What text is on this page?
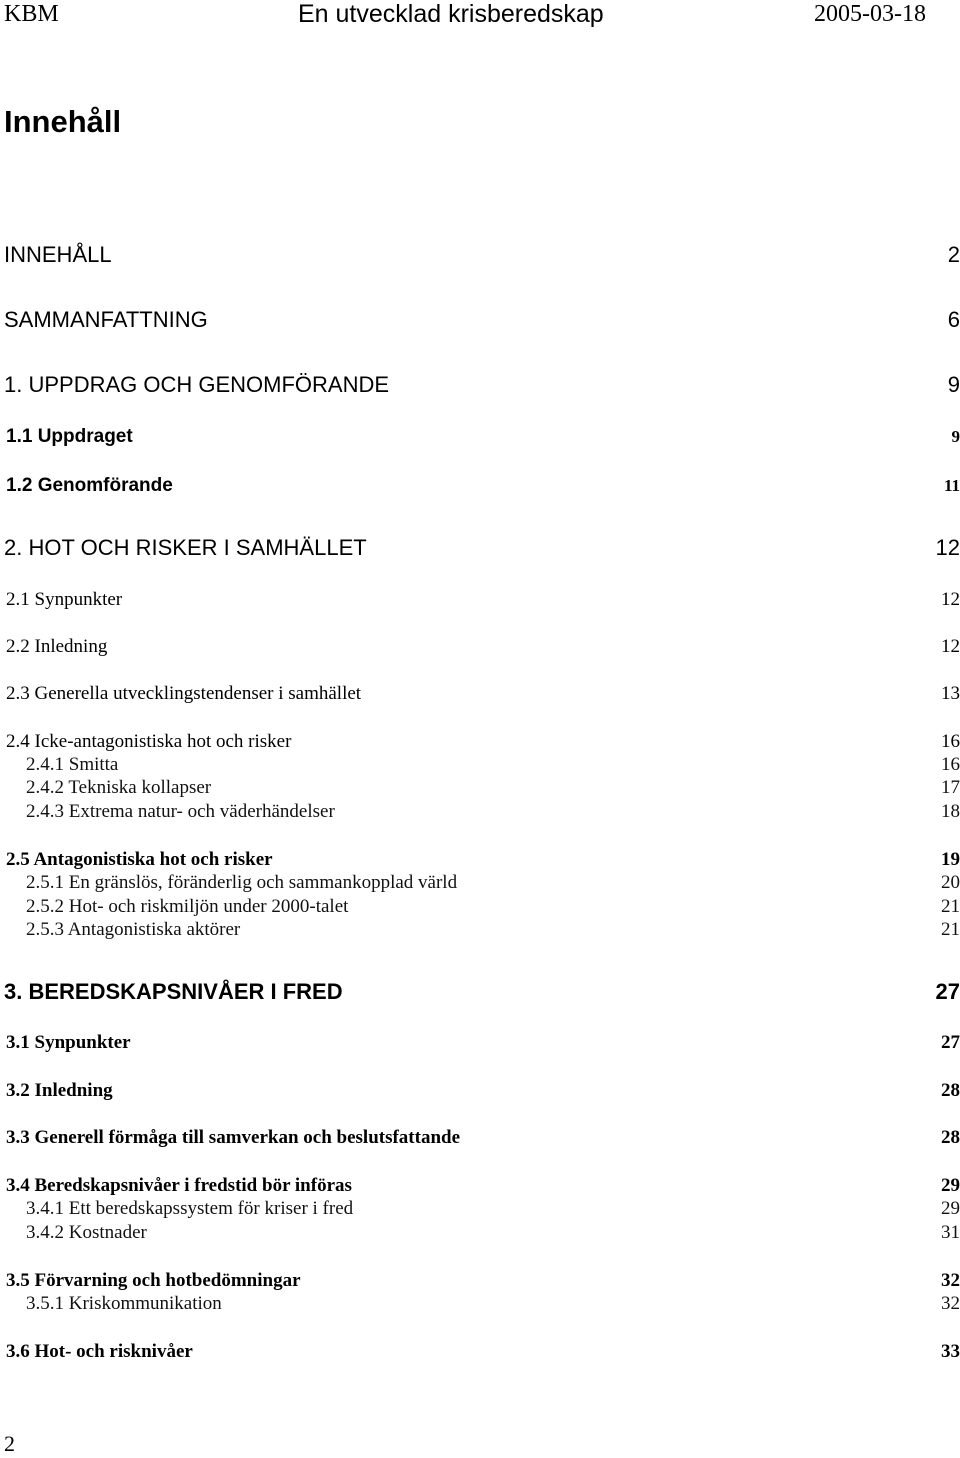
KBM	En utvecklad krisberedskap	2005-03-18
Innehåll
INNEHÅLL	2
SAMMANFATTNING	6
1. UPPDRAG OCH GENOMFÖRANDE	9
1.1 Uppdraget	9
1.2 Genomförande	11
2. HOT OCH RISKER I SAMHÄLLET	12
2.1 Synpunkter	12
2.2 Inledning	12
2.3 Generella utvecklingstendenser i samhället	13
2.4 Icke-antagonistiska hot och risker	16
2.4.1 Smitta	16
2.4.2 Tekniska kollapser	17
2.4.3 Extrema natur- och väderhändelser	18
2.5 Antagonistiska hot och risker	19
2.5.1 En gränslös, föränderlig och sammankopplad värld	20
2.5.2 Hot- och riskmiljön under 2000-talet	21
2.5.3 Antagonistiska aktörer	21
3. BEREDSKAPSNIVÅER I FRED	27
3.1 Synpunkter	27
3.2 Inledning	28
3.3 Generell förmåga till samverkan och beslutsfattande	28
3.4 Beredskapsnivåer i fredstid bör införas	29
3.4.1 Ett beredskapssystem för kriser i fred	29
3.4.2 Kostnader	31
3.5 Förvarning och hotbedömningar	32
3.5.1 Kriskommunikation	32
3.6 Hot- och risknivåer	33
2
